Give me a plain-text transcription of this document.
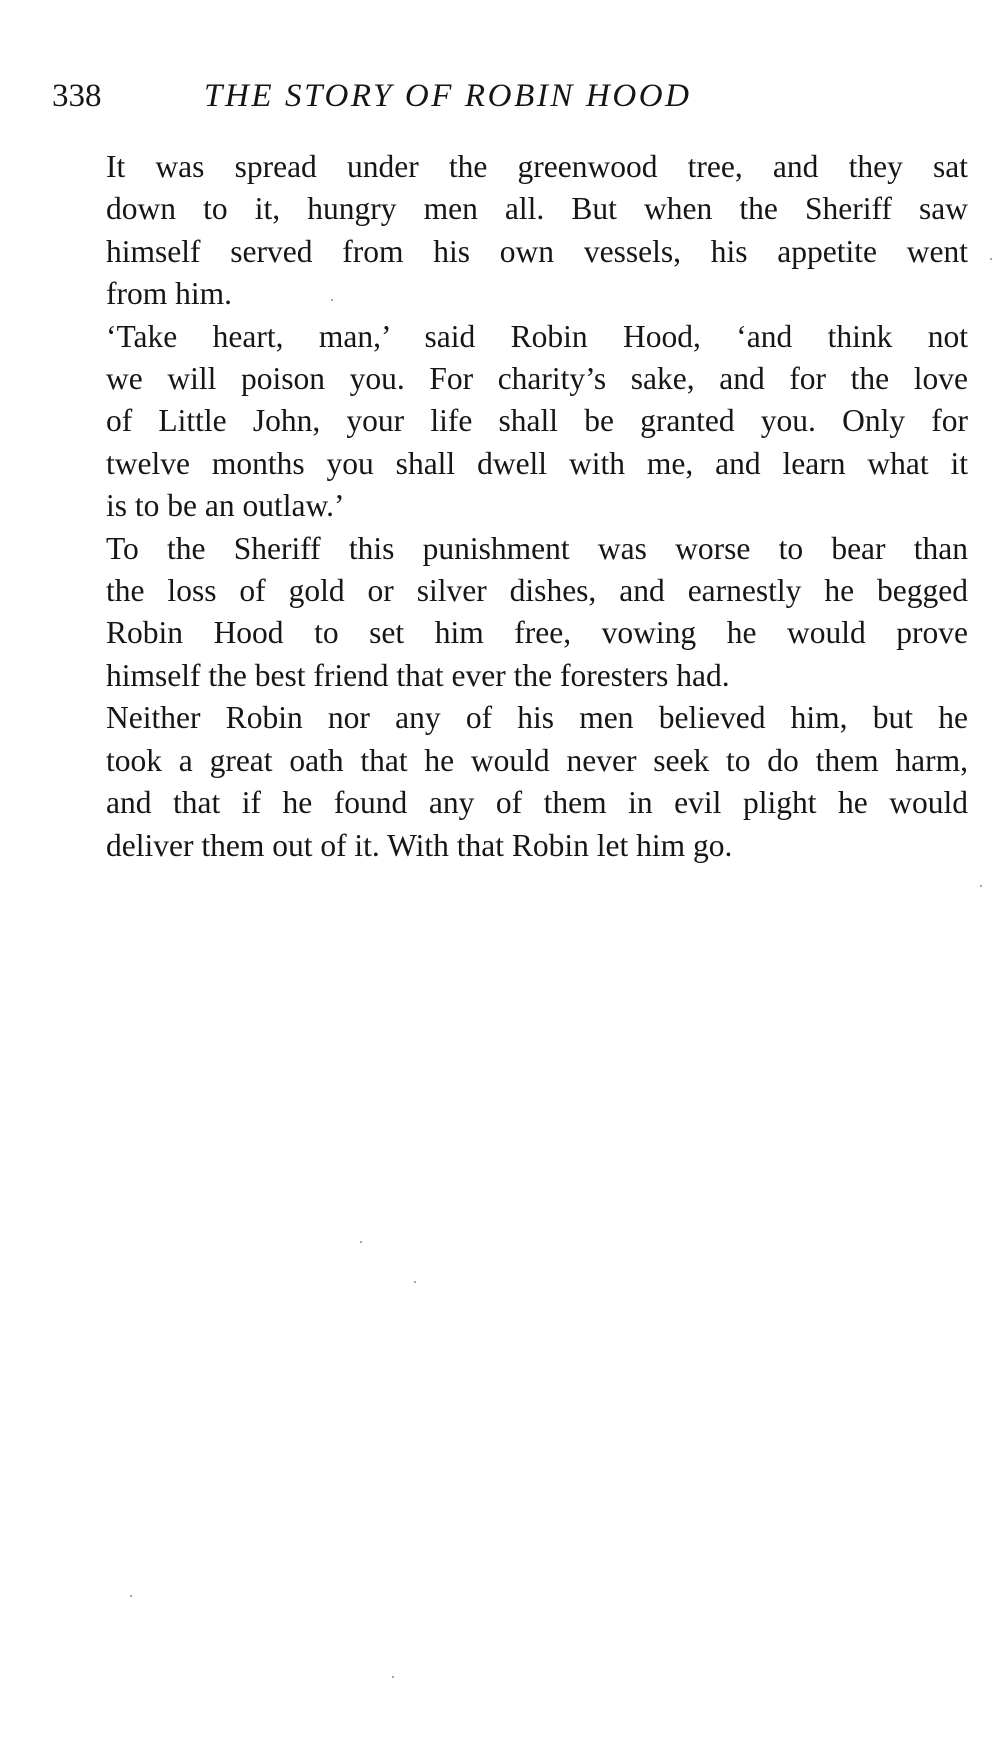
338	THE STORY OF ROBIN HOOD

It was spread under the greenwood tree, and they sat
down to it, hungry men all. But when the Sheriff saw
himself served from his own vessels, his appetite went
from him.

‘Take heart, man,’ said Robin Hood, ‘and think not
we will poison you. For charity’s sake, and for the love
of Little John, your life shall be granted you. Only for
twelve months you shall dwell with me, and learn what it
is to be an outlaw.’

To the Sheriff this punishment was worse to bear than
the loss of gold or silver dishes, and earnestly he begged
Robin Hood to set him free, vowing he would prove
himself the best friend that ever the foresters had.

Neither Robin nor any of his men believed him, but he
took a great oath that he would never seek to do them harm,
and that if he found any of them in evil plight he would
deliver them out of it. With that Robin let him go.
